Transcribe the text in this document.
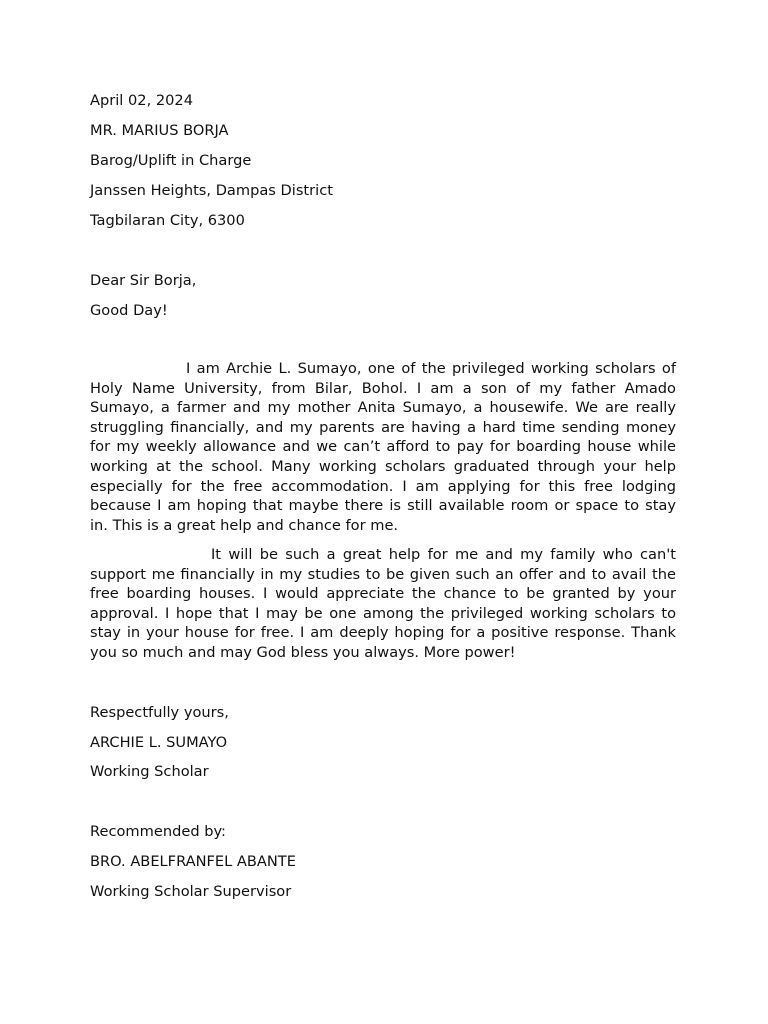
April 02, 2024
MR. MARIUS BORJA
Barog/Uplift in Charge
Janssen Heights, Dampas District
Tagbilaran City, 6300
Dear Sir Borja,
Good Day!
I am Archie L. Sumayo, one of the privileged working scholars of Holy Name University, from Bilar, Bohol. I am a son of my father Amado Sumayo, a farmer and my mother Anita Sumayo, a housewife. We are really struggling financially, and my parents are having a hard time sending money for my weekly allowance and we can’t afford to pay for boarding house while working at the school. Many working scholars graduated through your help especially for the free accommodation. I am applying for this free lodging because I am hoping that maybe there is still available room or space to stay in. This is a great help and chance for me.
It will be such a great help for me and my family who can't support me financially in my studies to be given such an offer and to avail the free boarding houses. I would appreciate the chance to be granted by your approval. I hope that I may be one among the privileged working scholars to stay in your house for free. I am deeply hoping for a positive response. Thank you so much and may God bless you always. More power!
Respectfully yours,
ARCHIE L. SUMAYO
Working Scholar
Recommended by:
BRO. ABELFRANFEL ABANTE
Working Scholar Supervisor
